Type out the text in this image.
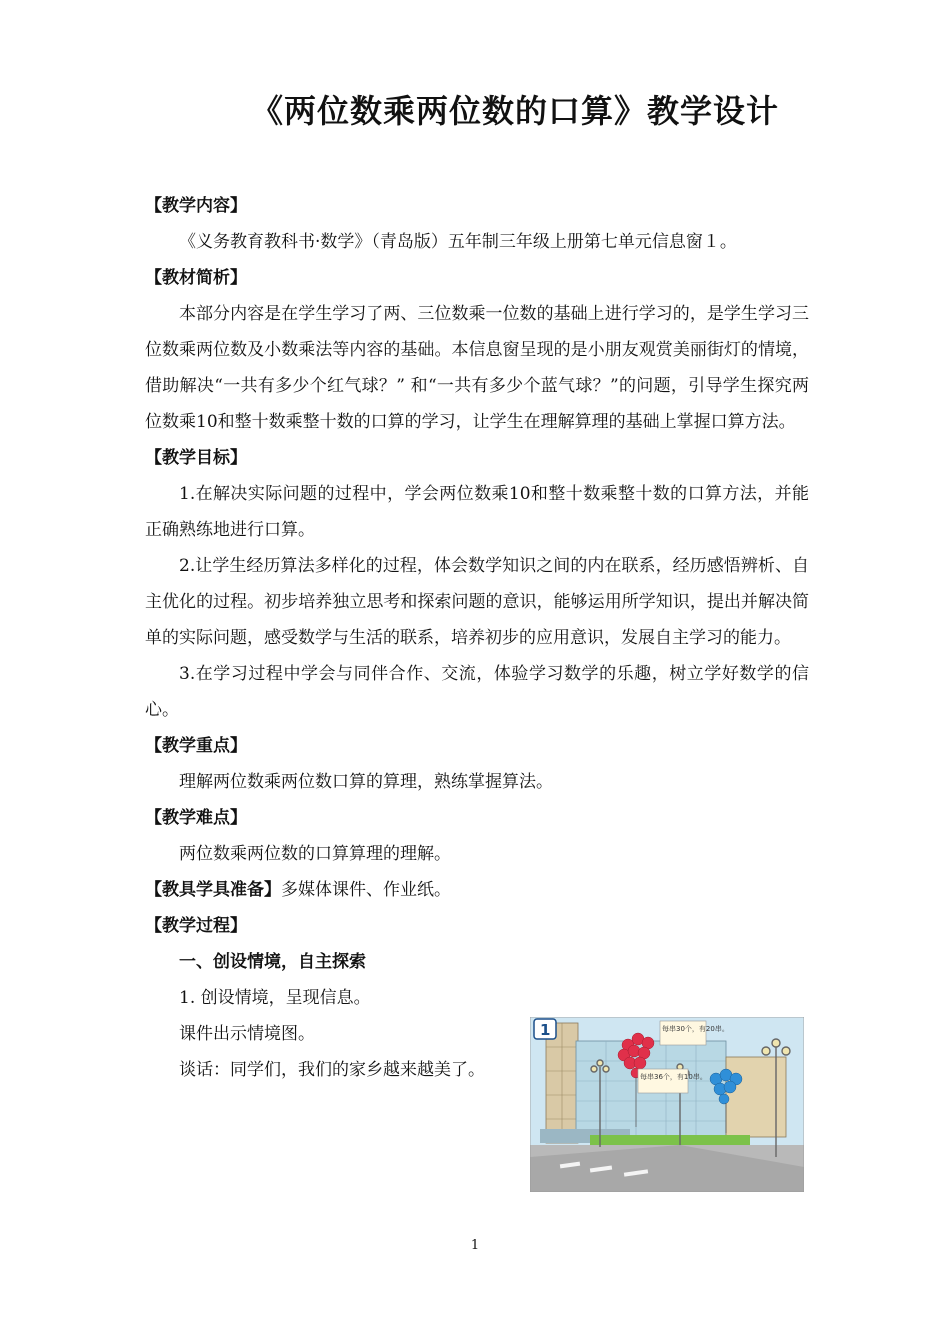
《两位数乘两位数的口算》教学设计

【教学内容】

《义务教育教科书·数学》（青岛版）五年制三年级上册第七单元信息窗１。

【教材简析】

本部分内容是在学生学习了两、三位数乘一位数的基础上进行学习的，是学生学习三位数乘两位数及小数乘法等内容的基础。本信息窗呈现的是小朋友观赏美丽街灯的情境，借助解决“一共有多少个红气球？” 和“一共有多少个蓝气球？”的问题，引导学生探究两位数乘10和整十数乘整十数的口算的学习，让学生在理解算理的基础上掌握口算方法。

【教学目标】

1.在解决实际问题的过程中，学会两位数乘10和整十数乘整十数的口算方法，并能正确熟练地进行口算。

2.让学生经历算法多样化的过程，体会数学知识之间的内在联系，经历感悟辨析、自主优化的过程。初步培养独立思考和探索问题的意识，能够运用所学知识，提出并解决简单的实际问题，感受数学与生活的联系，培养初步的应用意识，发展自主学习的能力。

3.在学习过程中学会与同伴合作、交流，体验学习数学的乐趣，树立学好数学的信心。

【教学重点】

理解两位数乘两位数口算的算理，熟练掌握算法。

【教学难点】

两位数乘两位数的口算算理的理解。

【教具学具准备】多媒体课件、作业纸。

【教学过程】

一、创设情境，自主探索

1. 创设情境，呈现信息。

课件出示情境图。

谈话：同学们，我们的家乡越来越美了。

每串30个，有20串。
每串36个，有10串。
1
1
